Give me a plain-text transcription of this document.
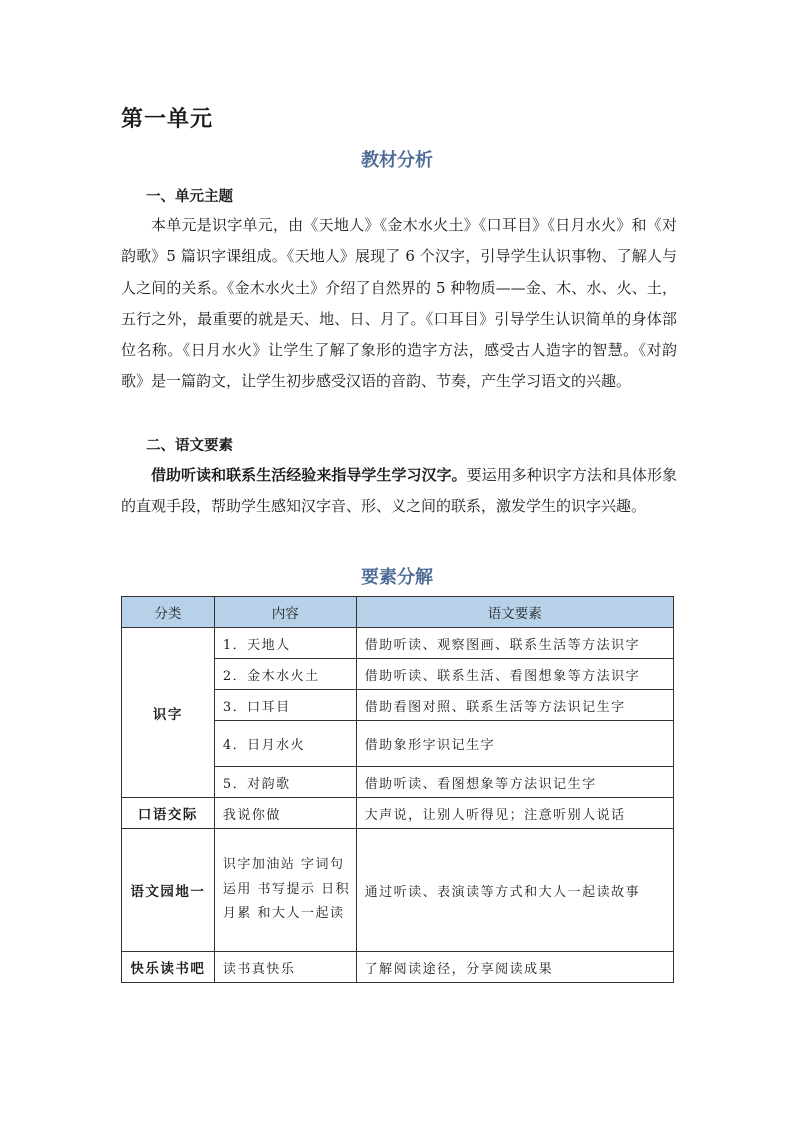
第一单元
教材分析
一、单元主题
本单元是识字单元，由《天地人》《金木水火土》《口耳目》《日月水火》和《对韵歌》5 篇识字课组成。《天地人》展现了 6 个汉字，引导学生认识事物、了解人与人之间的关系。《金木水火土》介绍了自然界的 5 种物质——金、木、水、火、土，五行之外，最重要的就是天、地、日、月了。《口耳目》引导学生认识简单的身体部位名称。《日月水火》让学生了解了象形的造字方法，感受古人造字的智慧。《对韵歌》是一篇韵文，让学生初步感受汉语的音韵、节奏，产生学习语文的兴趣。
二、语文要素
借助听读和联系生活经验来指导学生学习汉字。要运用多种识字方法和具体形象的直观手段，帮助学生感知汉字音、形、义之间的联系，激发学生的识字兴趣。
要素分解
分类	内容	语文要素
识字	1．天地人	借助听读、观察图画、联系生活等方法识字
	2．金木水火土	借助听读、联系生活、看图想象等方法识字
	3．口耳目	借助看图对照、联系生活等方法识记生字
	4．日月水火	借助象形字识记生字
	5．对韵歌	借助听读、看图想象等方法识记生字
口语交际	我说你做	大声说，让别人听得见；注意听别人说话
语文园地一	识字加油站 字词句运用 书写提示 日积月累 和大人一起读	通过听读、表演读等方式和大人一起读故事
快乐读书吧	读书真快乐	了解阅读途径，分享阅读成果
